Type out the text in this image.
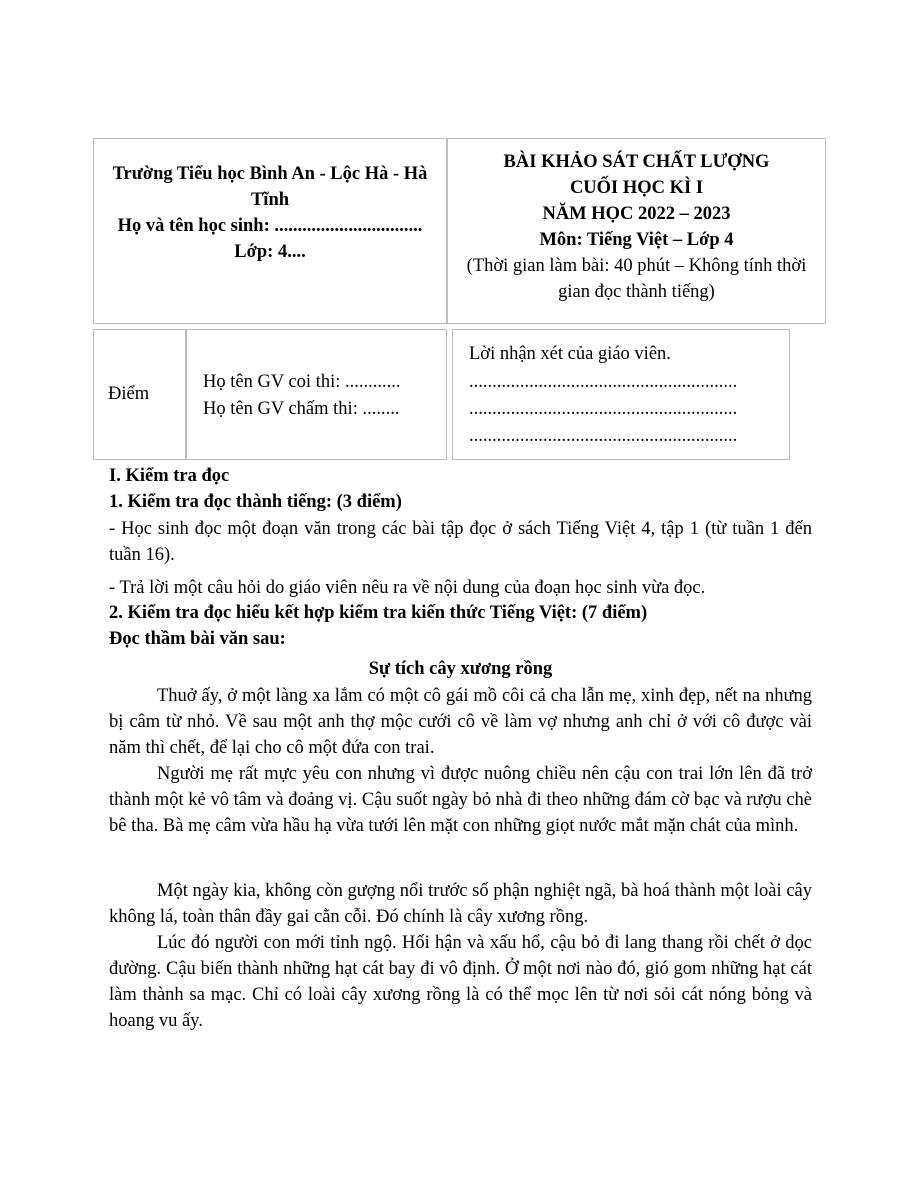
Trường Tiểu học Bình An - Lộc Hà - Hà Tĩnh
Họ và tên học sinh: ................................
Lớp: 4....
BÀI KHẢO SÁT CHẤT LƯỢNG
CUỐI HỌC KÌ I
NĂM HỌC 2022 – 2023
Môn: Tiếng Việt – Lớp 4
(Thời gian làm bài: 40 phút – Không tính thời gian đọc thành tiếng)
Điểm
Họ tên GV coi thi: ............
Họ tên GV chấm thi: ........
Lời nhận xét của giáo viên.
..........................................................
..........................................................
..........................................................
I. Kiểm tra đọc
1. Kiểm tra đọc thành tiếng: (3 điểm)
- Học sinh đọc một đoạn văn trong các bài tập đọc ở sách Tiếng Việt 4, tập 1 (từ tuần 1 đến tuần 16).
- Trả lời một câu hỏi do giáo viên nêu ra về nội dung của đoạn học sinh vừa đọc.
2. Kiểm tra đọc hiểu kết hợp kiểm tra kiến thức Tiếng Việt: (7 điểm)
Đọc thầm bài văn sau:
Sự tích cây xương rồng
Thuở ấy, ở một làng xa lắm có một cô gái mồ côi cả cha lẫn mẹ, xinh đẹp, nết na nhưng bị câm từ nhỏ. Về sau một anh thợ mộc cưới cô về làm vợ nhưng anh chỉ ở với cô được vài năm thì chết, để lại cho cô một đứa con trai.
Người mẹ rất mực yêu con nhưng vì được nuông chiều nên cậu con trai lớn lên đã trở thành một kẻ vô tâm và đoảng vị. Cậu suốt ngày bỏ nhà đi theo những đám cờ bạc và rượu chè bê tha. Bà mẹ câm vừa hầu hạ vừa tưới lên mặt con những giọt nước mắt mặn chát của mình.
Một ngày kia, không còn gượng nổi trước số phận nghiệt ngã, bà hoá thành một loài cây không lá, toàn thân đầy gai cằn cỗi. Đó chính là cây xương rồng.
Lúc đó người con mới tỉnh ngộ. Hối hận và xấu hổ, cậu bỏ đi lang thang rồi chết ở dọc đường. Cậu biến thành những hạt cát bay đi vô định. Ở một nơi nào đó, gió gom những hạt cát làm thành sa mạc. Chỉ có loài cây xương rồng là có thể mọc lên từ nơi sỏi cát nóng bỏng và hoang vu ấy.
